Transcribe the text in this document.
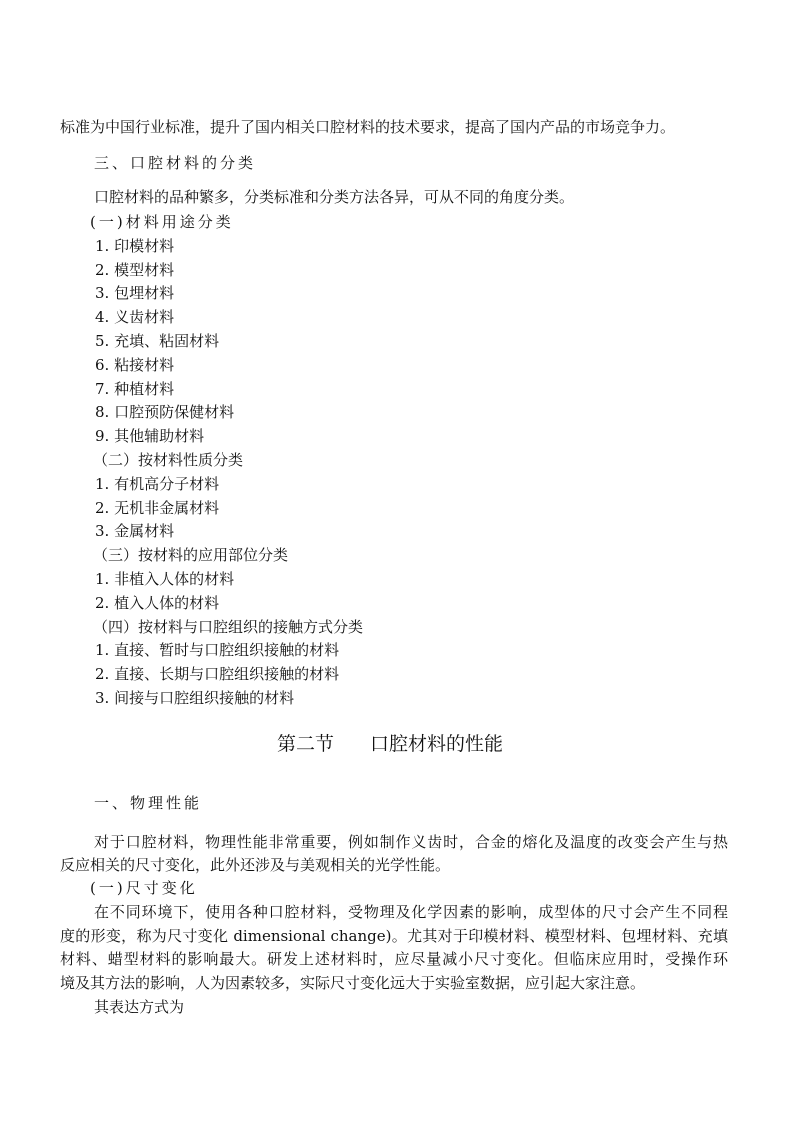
标准为中国行业标准，提升了国内相关口腔材料的技术要求，提高了国内产品的市场竞争力。
三、口腔材料的分类
口腔材料的品种繁多，分类标准和分类方法各异，可从不同的角度分类。
(一)材料用途分类
1. 印模材料
2. 模型材料
3. 包埋材料
4. 义齿材料
5. 充填、粘固材料
6. 粘接材料
7. 种植材料
8. 口腔预防保健材料
9. 其他辅助材料
（二）按材料性质分类
1. 有机高分子材料
2. 无机非金属材料
3. 金属材料
（三）按材料的应用部位分类
1. 非植入人体的材料
2. 植入人体的材料
（四）按材料与口腔组织的接触方式分类
1. 直接、暂时与口腔组织接触的材料
2. 直接、长期与口腔组织接触的材料
3. 间接与口腔组织接触的材料
第二节 口腔材料的性能
一、物理性能
对于口腔材料，物理性能非常重要，例如制作义齿时，合金的熔化及温度的改变会产生与热
反应相关的尺寸变化，此外还涉及与美观相关的光学性能。
(一)尺寸变化
在不同环境下，使用各种口腔材料，受物理及化学因素的影响，成型体的尺寸会产生不同程
度的形变，称为尺寸变化 dimensional change)。尤其对于印模材料、模型材料、包埋材料、充填
材料、蜡型材料的影响最大。研发上述材料时，应尽量减小尺寸变化。但临床应用时，受操作环
境及其方法的影响，人为因素较多，实际尺寸变化远大于实验室数据，应引起大家注意。
其表达方式为
